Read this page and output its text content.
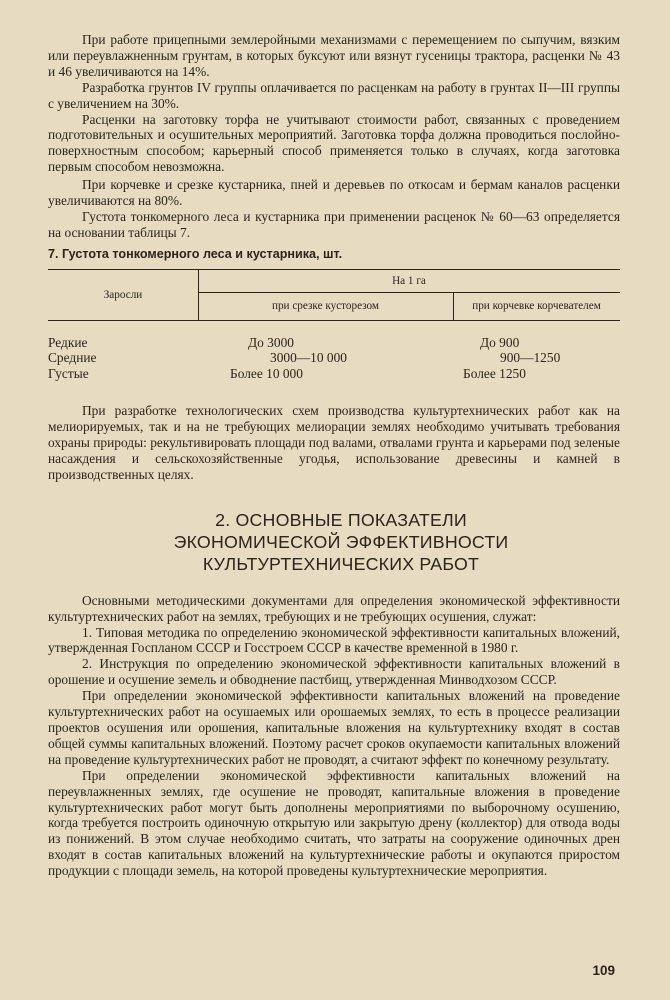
При работе прицепными землеройными механизмами с перемещением по сыпучим, вязким или переувлажненным грунтам, в которых буксуют или вязнут гусеницы трактора, расценки № 43 и 46 увеличиваются на 14%.

Разработка грунтов IV группы оплачивается по расценкам на работу в грунтах II—III группы с увеличением на 30%.

Расценки на заготовку торфа не учитывают стоимости работ, связанных с проведением подготовительных и осушительных мероприятий. Заготовка торфа должна проводиться послойно-поверхностным способом; карьерный способ применяется только в случаях, когда заготовка первым способом невозможна.

При корчевке и срезке кустарника, пней и деревьев по откосам и бермам каналов расценки увеличиваются на 80%.

Густота тонкомерного леса и кустарника при применении расценок № 60—63 определяется на основании таблицы 7.

7. Густота тонкомерного леса и кустарника, шт.

Заросли
На 1 га
при срезке кусторезом	при корчевке корчевателем
Редкие	До 3000	До 900
Средние	3000—10 000	900—1250
Густые	Более 10 000	Более 1250

При разработке технологических схем производства культуртехнических работ как на мелиорируемых, так и на не требующих мелиорации землях необходимо учитывать требования охраны природы: рекультивировать площади под валами, отвалами грунта и карьерами под зеленые насаждения и сельскохозяйственные угодья, использование древесины и камней в производственных целях.

2. ОСНОВНЫЕ ПОКАЗАТЕЛИ
ЭКОНОМИЧЕСКОЙ ЭФФЕКТИВНОСТИ
КУЛЬТУРТЕХНИЧЕСКИХ РАБОТ

Основными методическими документами для определения экономической эффективности культуртехнических работ на землях, требующих и не требующих осушения, служат:

1. Типовая методика по определению экономической эффективности капитальных вложений, утвержденная Госпланом СССР и Госстроем СССР в качестве временной в 1980 г.

2. Инструкция по определению экономической эффективности капитальных вложений в орошение и осушение земель и обводнение пастбищ, утвержденная Минводхозом СССР.

При определении экономической эффективности капитальных вложений на проведение культуртехнических работ на осушаемых или орошаемых землях, то есть в процессе реализации проектов осушения или орошения, капитальные вложения на культуртехнику входят в состав общей суммы капитальных вложений. Поэтому расчет сроков окупаемости капитальных вложений на проведение культуртехнических работ не проводят, а считают эффект по конечному результату.

При определении экономической эффективности капитальных вложений на переувлажненных землях, где осушение не проводят, капитальные вложения в проведение культуртехнических работ могут быть дополнены мероприятиями по выборочному осушению, когда требуется построить одиночную открытую или закрытую дрену (коллектор) для отвода воды из понижений. В этом случае необходимо считать, что затраты на сооружение одиночных дрен входят в состав капитальных вложений на культуртехнические работы и окупаются приростом продукции с площади земель, на которой проведены культуртехнические мероприятия.

109
